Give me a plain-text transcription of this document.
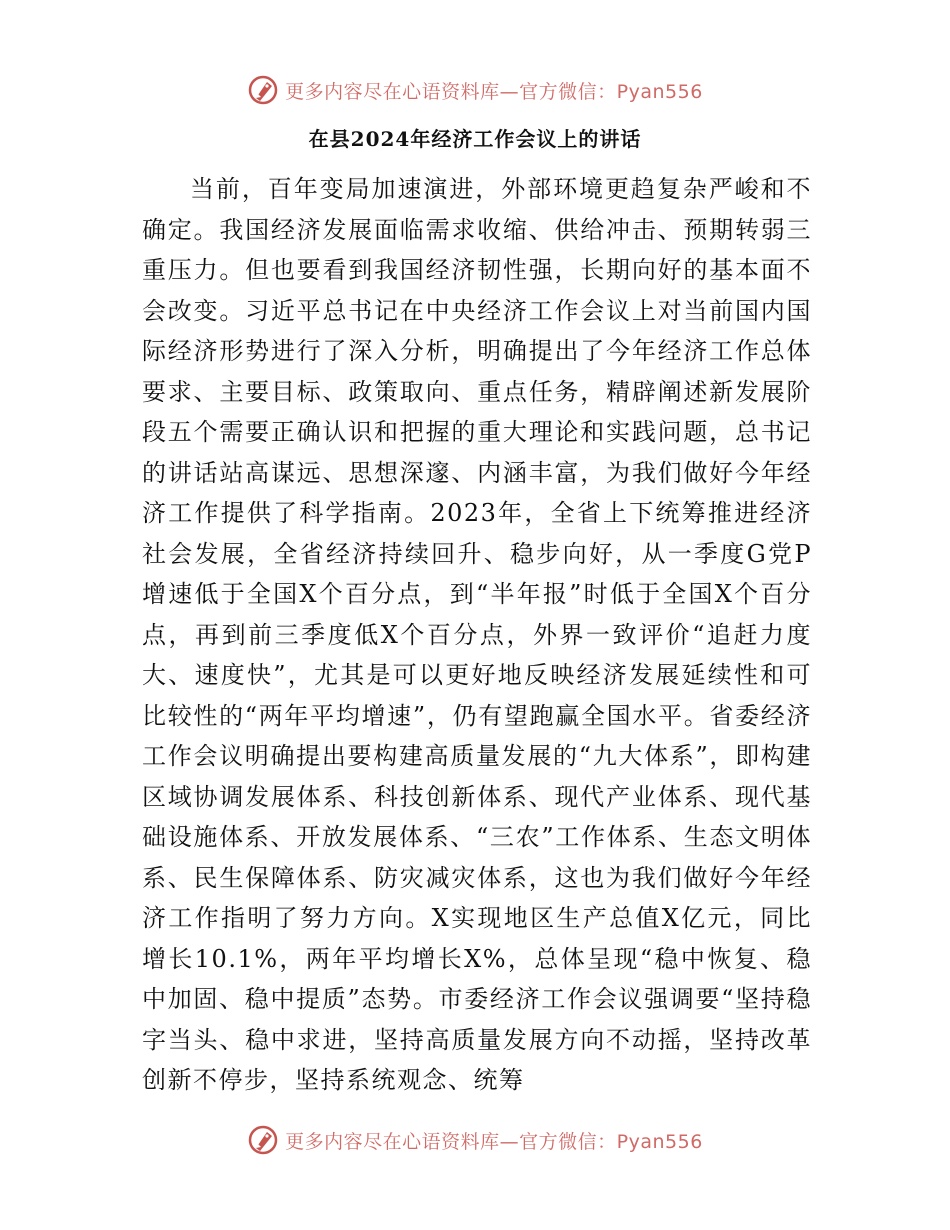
更多内容尽在心语资料库—官方微信：Pyan556
在县2024年经济工作会议上的讲话

当前，百年变局加速演进，外部环境更趋复杂严峻和不确定。我国经济发展面临需求收缩、供给冲击、预期转弱三重压力。但也要看到我国经济韧性强，长期向好的基本面不会改变。习近平总书记在中央经济工作会议上对当前国内国际经济形势进行了深入分析，明确提出了今年经济工作总体要求、主要目标、政策取向、重点任务，精辟阐述新发展阶段五个需要正确认识和把握的重大理论和实践问题，总书记的讲话站高谋远、思想深邃、内涵丰富，为我们做好今年经济工作提供了科学指南。2023年，全省上下统筹推进经济社会发展，全省经济持续回升、稳步向好，从一季度G党P增速低于全国X个百分点，到“半年报”时低于全国X个百分点，再到前三季度低X个百分点，外界一致评价“追赶力度大、速度快”，尤其是可以更好地反映经济发展延续性和可比较性的“两年平均增速”，仍有望跑赢全国水平。省委经济工作会议明确提出要构建高质量发展的“九大体系”，即构建区域协调发展体系、科技创新体系、现代产业体系、现代基础设施体系、开放发展体系、“三农”工作体系、生态文明体系、民生保障体系、防灾减灾体系，这也为我们做好今年经济工作指明了努力方向。X实现地区生产总值X亿元，同比增长10.1%，两年平均增长X%，总体呈现“稳中恢复、稳中加固、稳中提质”态势。市委经济工作会议强调要“坚持稳字当头、稳中求进，坚持高质量发展方向不动摇，坚持改革创新不停步，坚持系统观念、统筹

更多内容尽在心语资料库—官方微信：Pyan556
